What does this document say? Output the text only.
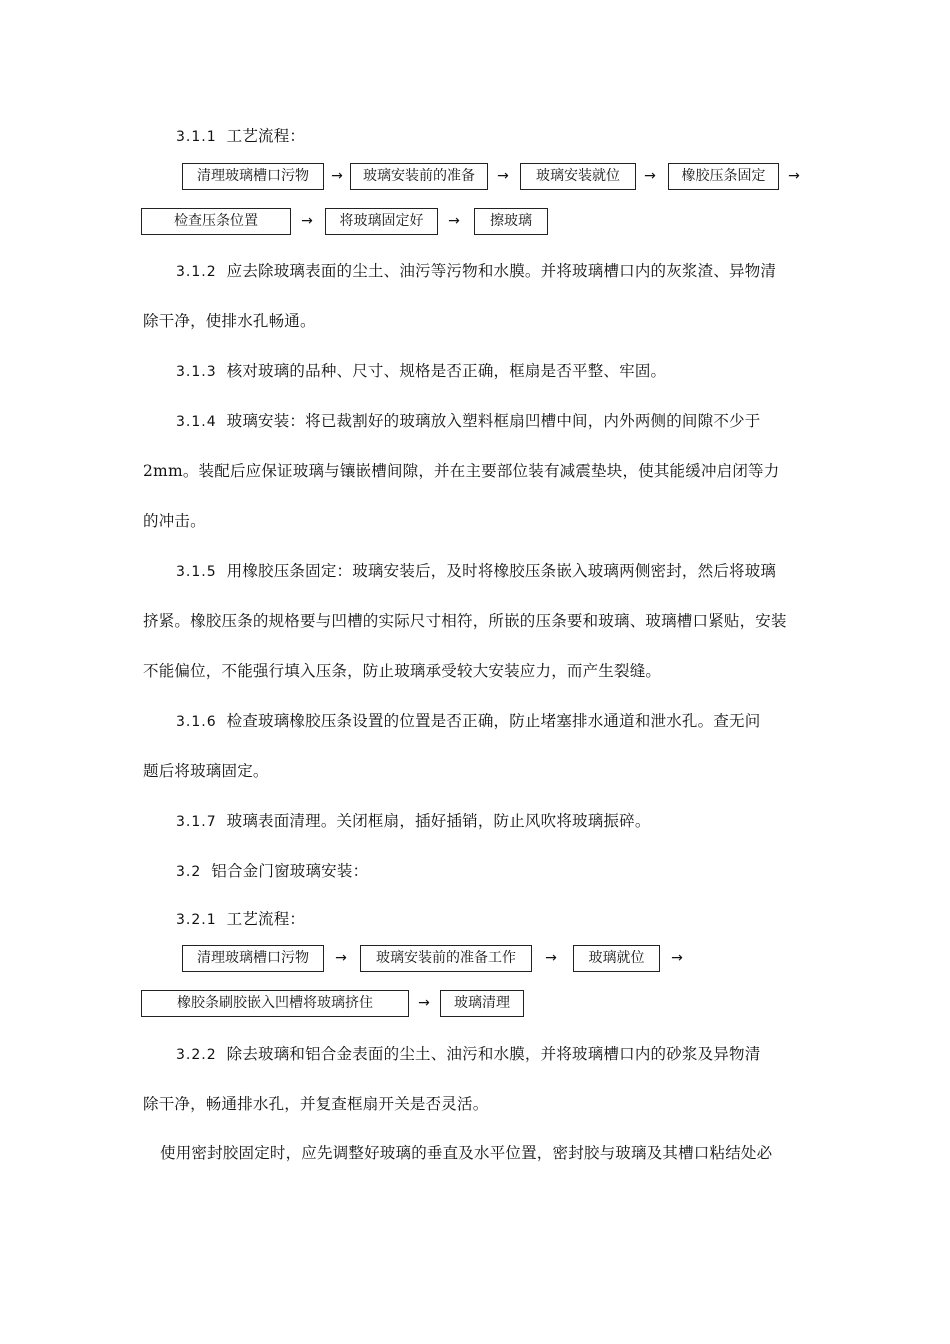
3.1.1 工艺流程：
清理玻璃槽口污物	→	玻璃安装前的准备	→	玻璃安装就位	→	橡胶压条固定	→
检查压条位置	→	将玻璃固定好	→	擦玻璃
3.1.2 应去除玻璃表面的尘土、油污等污物和水膜。并将玻璃槽口内的灰浆渣、异物清
除干净，使排水孔畅通。
3.1.3 核对玻璃的品种、尺寸、规格是否正确，框扇是否平整、牢固。
3.1.4 玻璃安装：将已裁割好的玻璃放入塑料框扇凹槽中间，内外两侧的间隙不少于
2mm。装配后应保证玻璃与镶嵌槽间隙，并在主要部位装有减震垫块，使其能缓冲启闭等力
的冲击。
3.1.5 用橡胶压条固定：玻璃安装后，及时将橡胶压条嵌入玻璃两侧密封，然后将玻璃
挤紧。橡胶压条的规格要与凹槽的实际尺寸相符，所嵌的压条要和玻璃、玻璃槽口紧贴，安装
不能偏位，不能强行填入压条，防止玻璃承受较大安装应力，而产生裂缝。
3.1.6 检查玻璃橡胶压条设置的位置是否正确，防止堵塞排水通道和泄水孔。查无问
题后将玻璃固定。
3.1.7 玻璃表面清理。关闭框扇，插好插销，防止风吹将玻璃振碎。
3.2 铝合金门窗玻璃安装：
3.2.1 工艺流程：
清理玻璃槽口污物	→	玻璃安装前的准备工作	→	玻璃就位	→
橡胶条刷胶嵌入凹槽将玻璃挤住	→	玻璃清理
3.2.2 除去玻璃和铝合金表面的尘土、油污和水膜，并将玻璃槽口内的砂浆及异物清
除干净，畅通排水孔，并复查框扇开关是否灵活。
使用密封胶固定时，应先调整好玻璃的垂直及水平位置，密封胶与玻璃及其槽口粘结处必
